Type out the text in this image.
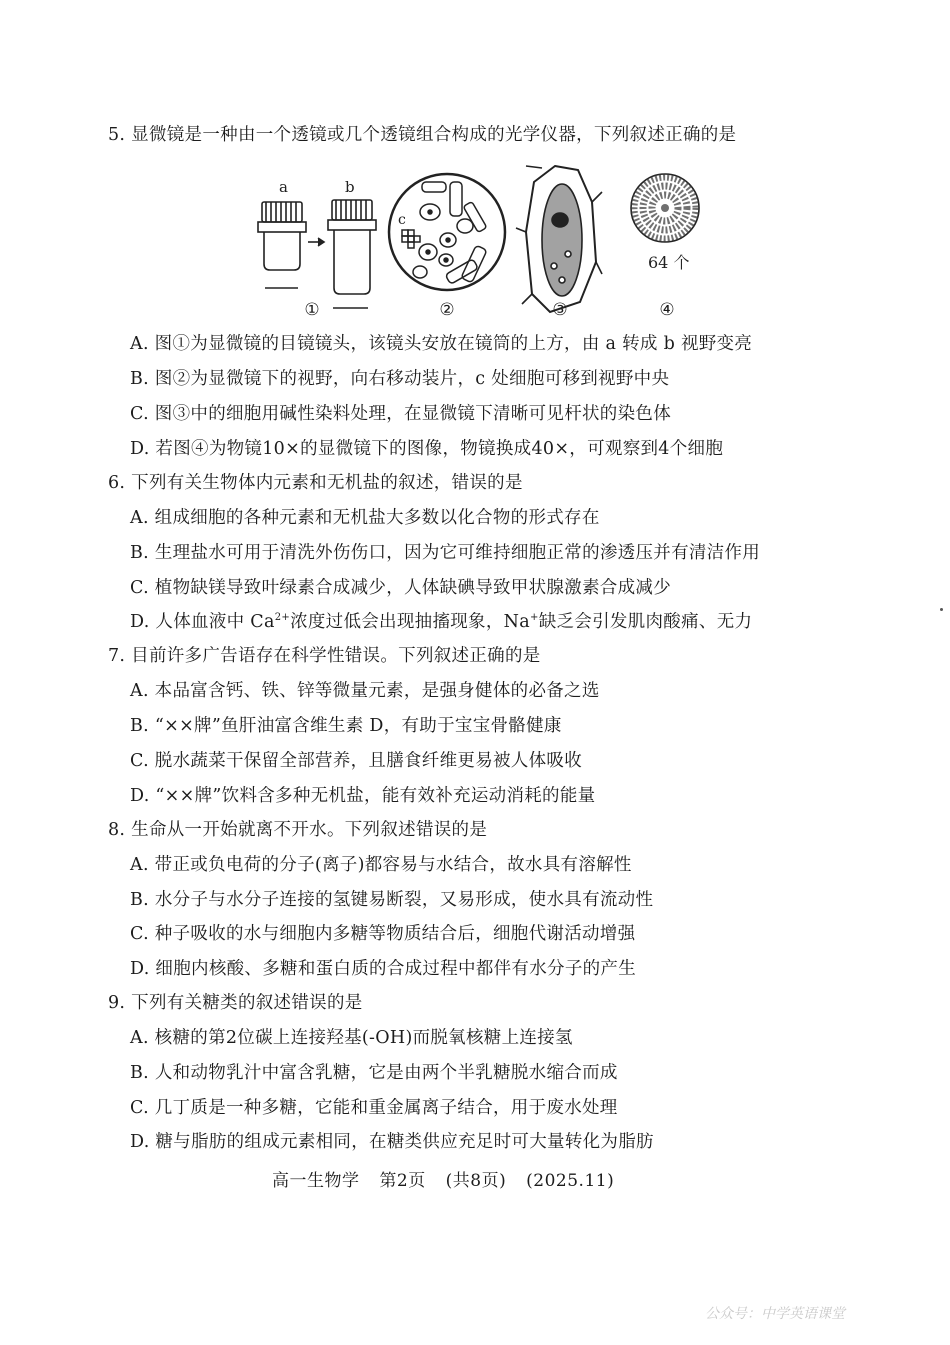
5. 显微镜是一种由一个透镜或几个透镜组合构成的光学仪器，下列叙述正确的是
a	b
c
64 个
①	②	③	④
A. 图①为显微镜的目镜镜头，该镜头安放在镜筒的上方，由 a 转成 b 视野变亮
B. 图②为显微镜下的视野，向右移动装片，c 处细胞可移到视野中央
C. 图③中的细胞用碱性染料处理，在显微镜下清晰可见杆状的染色体
D. 若图④为物镜10×的显微镜下的图像，物镜换成40×，可观察到4个细胞
6. 下列有关生物体内元素和无机盐的叙述，错误的是
A. 组成细胞的各种元素和无机盐大多数以化合物的形式存在
B. 生理盐水可用于清洗外伤伤口，因为它可维持细胞正常的渗透压并有清洁作用
C. 植物缺镁导致叶绿素合成减少，人体缺碘导致甲状腺激素合成减少
D. 人体血液中 $Ca^{2+}$浓度过低会出现抽搐现象，Na+缺乏会引发肌肉酸痛、无力
7. 目前许多广告语存在科学性错误。下列叙述正确的是
A. 本品富含钙、铁、锌等微量元素，是强身健体的必备之选
B. “××牌”鱼肝油富含维生素 D，有助于宝宝骨骼健康
C. 脱水蔬菜干保留全部营养，且膳食纤维更易被人体吸收
D. “××牌”饮料含多种无机盐，能有效补充运动消耗的能量
8. 生命从一开始就离不开水。下列叙述错误的是
A. 带正或负电荷的分子(离子)都容易与水结合，故水具有溶解性
B. 水分子与水分子连接的氢键易断裂，又易形成，使水具有流动性
C. 种子吸收的水与细胞内多糖等物质结合后，细胞代谢活动增强
D. 细胞内核酸、多糖和蛋白质的合成过程中都伴有水分子的产生
9. 下列有关糖类的叙述错误的是
A. 核糖的第2位碳上连接羟基(-OH)而脱氧核糖上连接氢
B. 人和动物乳汁中富含乳糖，它是由两个半乳糖脱水缩合而成
C. 几丁质是一种多糖，它能和重金属离子结合，用于废水处理
D. 糖与脂肪的组成元素相同，在糖类供应充足时可大量转化为脂肪
高一生物学 第2页 (共8页) (2025.11)
公众号：中学英语课堂
